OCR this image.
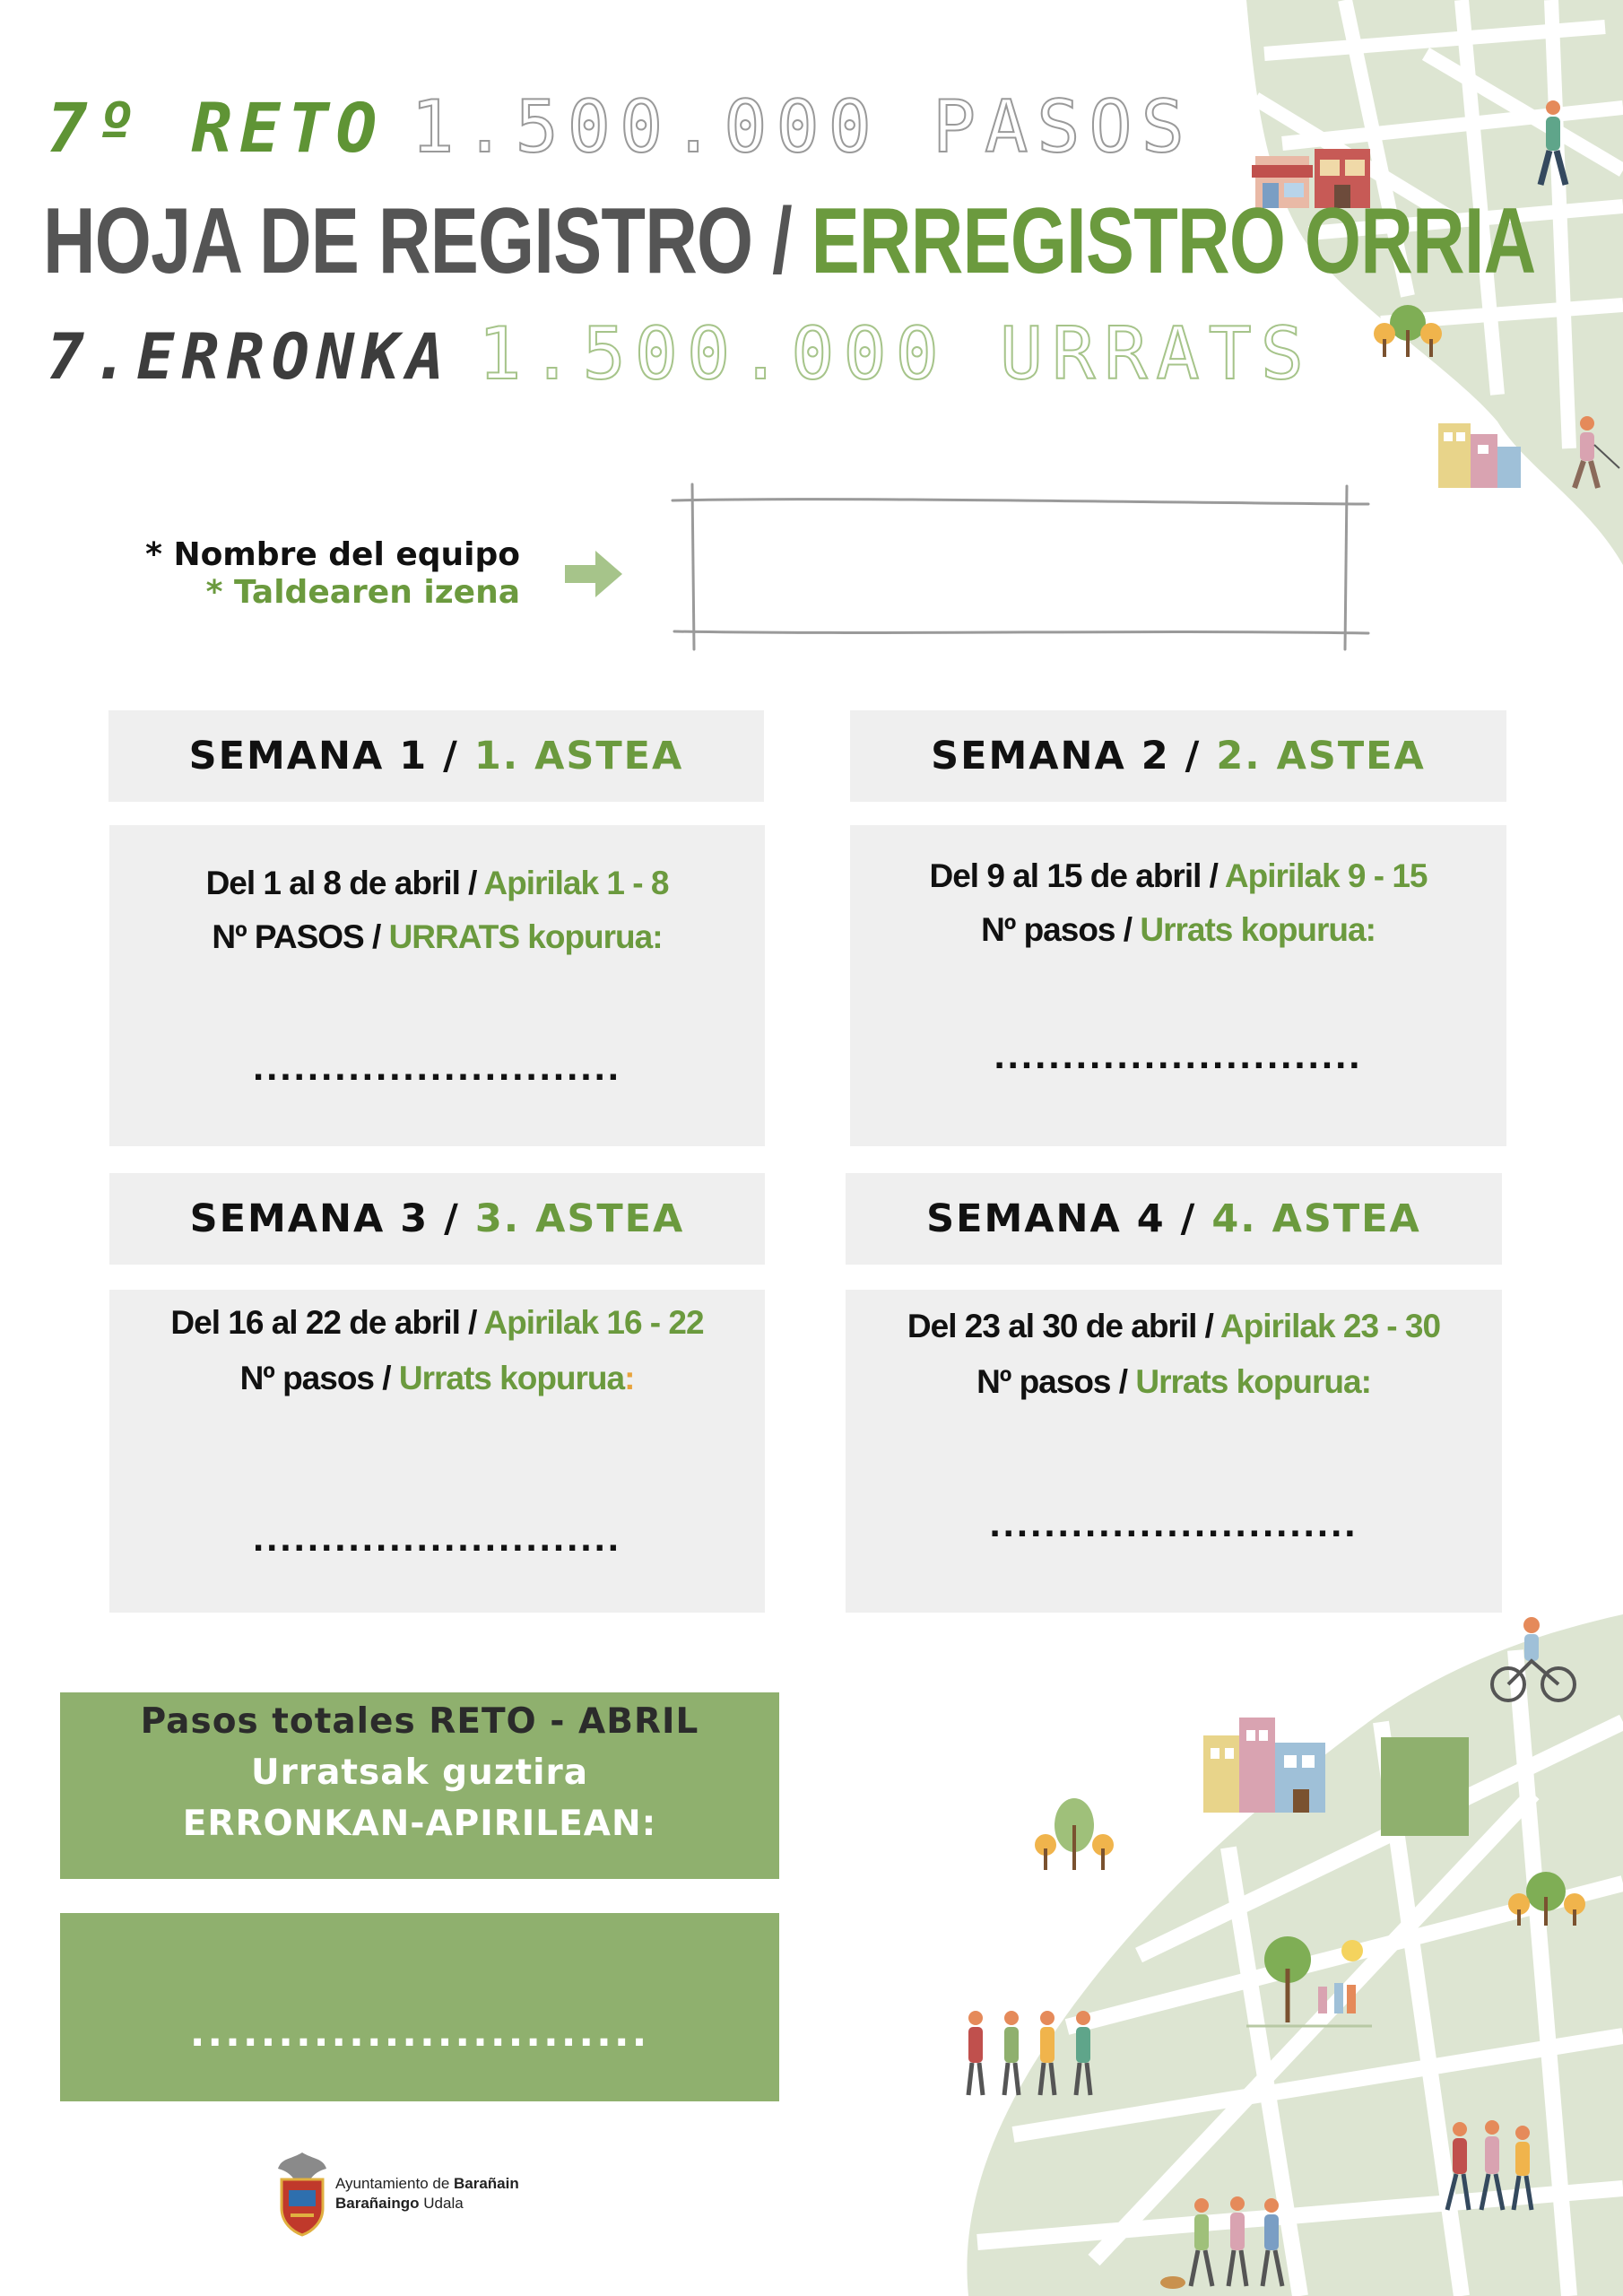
7º RETO 1.500.000 PASOS
HOJA DE REGISTRO / ERREGISTRO ORRIA
7.ERRONKA 1.500.000 URRATS
* Nombre del equipo
* Taldearen izena
SEMANA 1 /
1. ASTEA
Del 1 al 8 de abril / Apirilak 1 - 8
Nº PASOS / URRATS kopurua:
...........................
SEMANA 2 /
2. ASTEA
Del 9 al 15 de abril / Apirilak 9 - 15
Nº pasos / Urrats kopurua:
...........................
SEMANA 3 /
3. ASTEA
Del 16 al 22 de abril / Apirilak 16 - 22
Nº pasos / Urrats kopurua:
...........................
SEMANA 4 /
4. ASTEA
Del 23 al 30 de abril / Apirilak 23 - 30
Nº pasos / Urrats kopurua:
...........................
Pasos totales RETO - ABRIL
Urratsak guztira
ERRONKAN-APIRILEAN:
..........................
Ayuntamiento de Barañain
Barañaingo Udala
